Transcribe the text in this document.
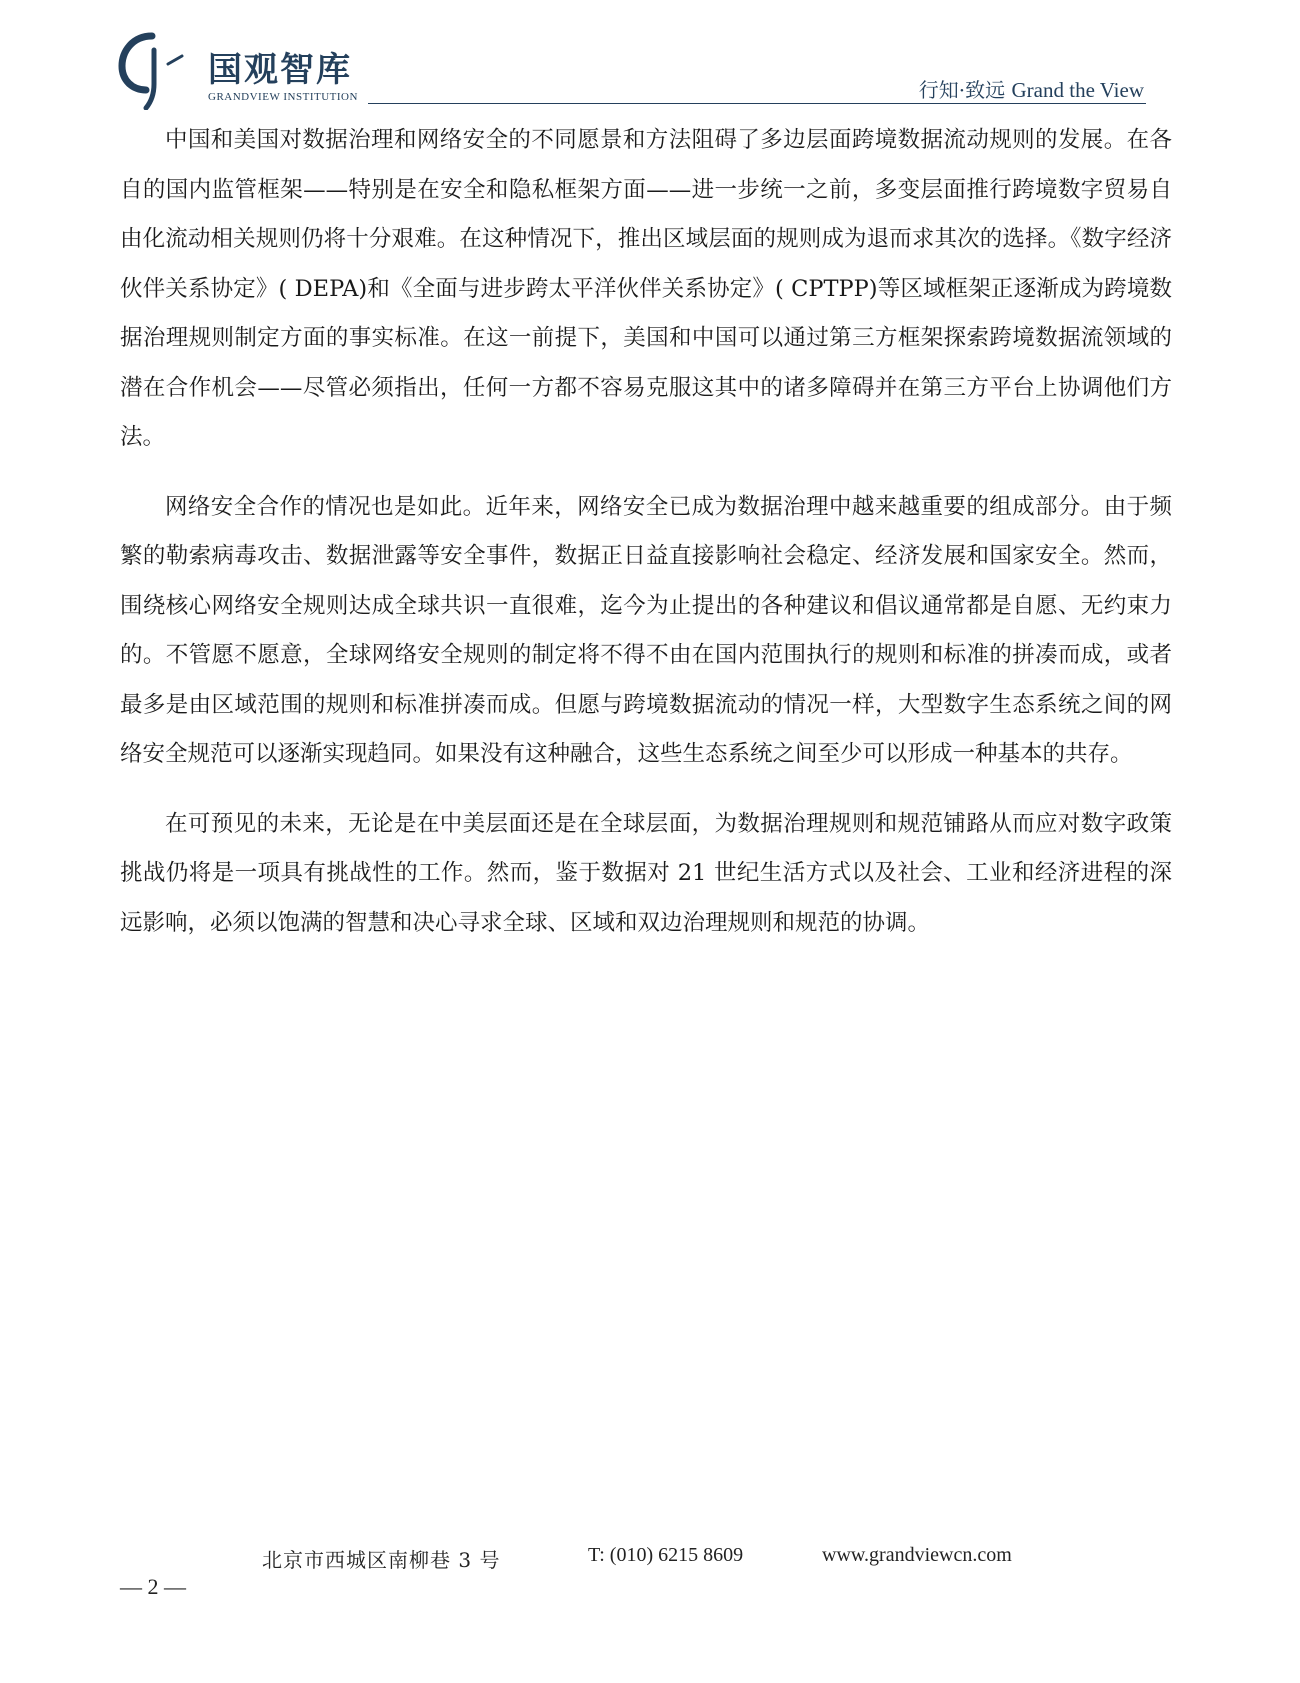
国观智库
GRANDVIEW INSTITUTION	行知·致远 Grand the View

中国和美国对数据治理和网络安全的不同愿景和方法阻碍了多边层面跨境数据流动规则的发展。在各自的国内监管框架——特别是在安全和隐私框架方面——进一步统一之前，多变层面推行跨境数字贸易自由化流动相关规则仍将十分艰难。在这种情况下，推出区域层面的规则成为退而求其次的选择。《数字经济伙伴关系协定》( DEPA)和《全面与进步跨太平洋伙伴关系协定》( CPTPP)等区域框架正逐渐成为跨境数据治理规则制定方面的事实标准。在这一前提下，美国和中国可以通过第三方框架探索跨境数据流领域的潜在合作机会——尽管必须指出，任何一方都不容易克服这其中的诸多障碍并在第三方平台上协调他们方法。

网络安全合作的情况也是如此。近年来，网络安全已成为数据治理中越来越重要的组成部分。由于频繁的勒索病毒攻击、数据泄露等安全事件，数据正日益直接影响社会稳定、经济发展和国家安全。然而，围绕核心网络安全规则达成全球共识一直很难，迄今为止提出的各种建议和倡议通常都是自愿、无约束力的。不管愿不愿意，全球网络安全规则的制定将不得不由在国内范围执行的规则和标准的拼凑而成，或者最多是由区域范围的规则和标准拼凑而成。但愿与跨境数据流动的情况一样，大型数字生态系统之间的网络安全规范可以逐渐实现趋同。如果没有这种融合，这些生态系统之间至少可以形成一种基本的共存。

在可预见的未来，无论是在中美层面还是在全球层面，为数据治理规则和规范铺路从而应对数字政策挑战仍将是一项具有挑战性的工作。然而，鉴于数据对 21 世纪生活方式以及社会、工业和经济进程的深远影响，必须以饱满的智慧和决心寻求全球、区域和双边治理规则和规范的协调。

北京市西城区南柳巷 3 号	T: (010) 6215 8609	www.grandviewcn.com
— 2 —
